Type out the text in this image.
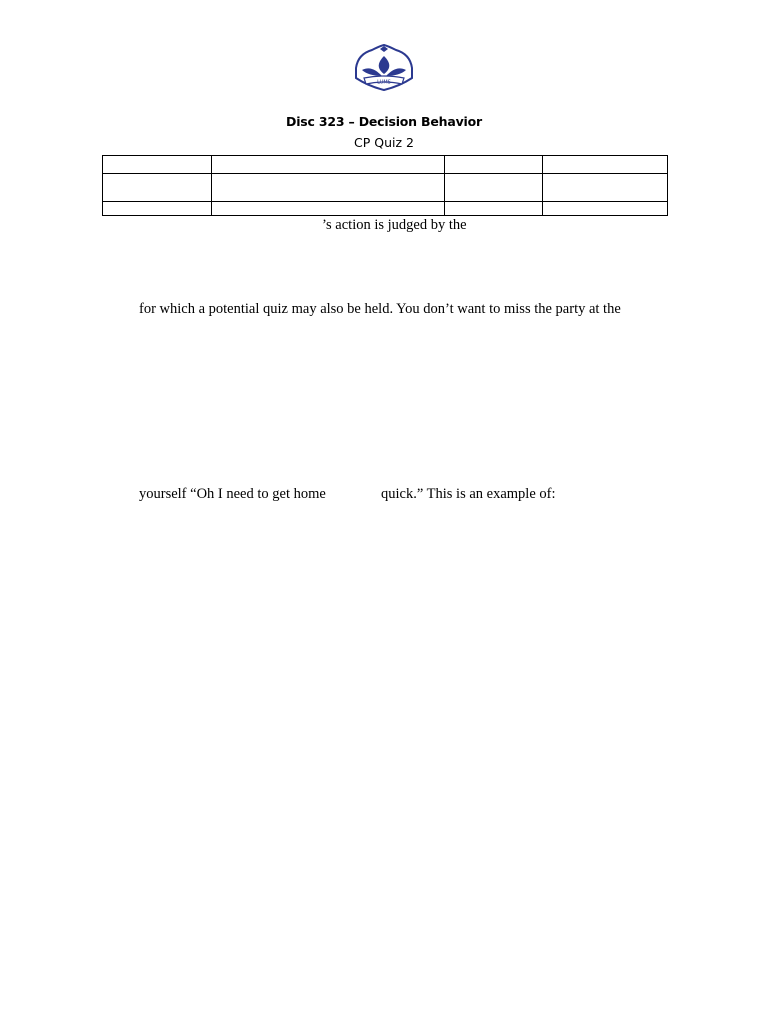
LUMS
Disc 323 – Decision Behavior
CP Quiz 2

’s action is judged by the
for which a potential quiz may also be held. You don’t want to miss the party at the
yourself “Oh I need to get home	quick.” This is an example of:
